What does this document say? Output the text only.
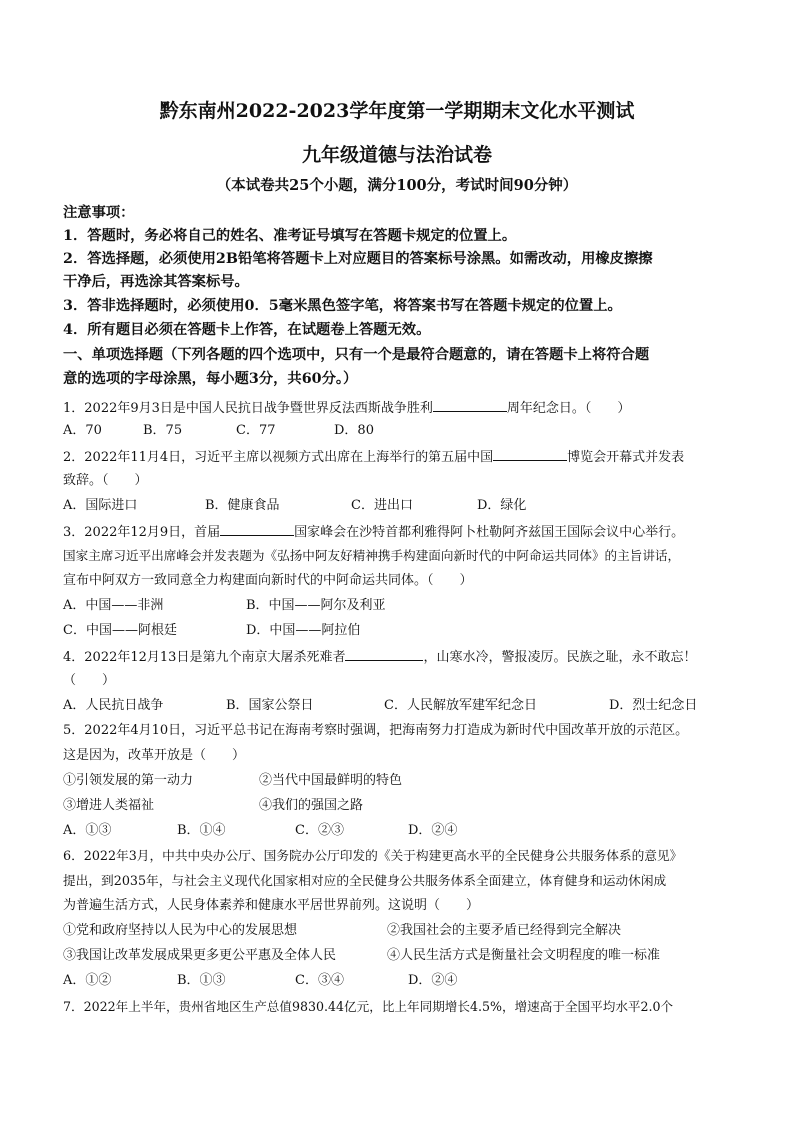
黔东南州2022-2023学年度第一学期期末文化水平测试
九年级道德与法治试卷
（本试卷共25个小题，满分100分，考试时间90分钟）
注意事项：
1．答题时，务必将自己的姓名、准考证号填写在答题卡规定的位置上。
2．答选择题，必须使用2B铅笔将答题卡上对应题目的答案标号涂黑。如需改动，用橡皮擦擦
干净后，再选涂其答案标号。
3．答非选择题时，必须使用0．5毫米黑色签字笔，将答案书写在答题卡规定的位置上。
4．所有题目必须在答题卡上作答，在试题卷上答题无效。
一、单项选择题（下列各题的四个选项中，只有一个是最符合题意的，请在答题卡上将符合题
意的选项的字母涂黑，每小题3分，共60分。）
1．2022年9月3日是中国人民抗日战争暨世界反法西斯战争胜利	周年纪念日。（　　）
A．70	B．75	C．77	D．80
2．2022年11月4日，习近平主席以视频方式出席在上海举行的第五届中国	博览会开幕式并发表
致辞。（　　）
A．国际进口	B．健康食品	C．进出口	D．绿化
3．2022年12月9日，首届	国家峰会在沙特首都利雅得阿卜杜勒阿齐兹国王国际会议中心举行。
国家主席习近平出席峰会并发表题为《弘扬中阿友好精神携手构建面向新时代的中阿命运共同体》的主旨讲话，
宣布中阿双方一致同意全力构建面向新时代的中阿命运共同体。（　　）
A．中国——非洲	B．中国——阿尔及利亚
C．中国——阿根廷	D．中国——阿拉伯
4．2022年12月13日是第九个南京大屠杀死难者	，山寒水冷，警报凌厉。民族之耻，永不敢忘！
（　　）
A．人民抗日战争	B．国家公祭日	C．人民解放军建军纪念日	D．烈士纪念日
5．2022年4月10日，习近平总书记在海南考察时强调，把海南努力打造成为新时代中国改革开放的示范区。
这是因为，改革开放是（　　）
①引领发展的第一动力	②当代中国最鲜明的特色
③增进人类福祉	④我们的强国之路
A．①③	B．①④	C．②③	D．②④
6．2022年3月，中共中央办公厅、国务院办公厅印发的《关于构建更高水平的全民健身公共服务体系的意见》
提出，到2035年，与社会主义现代化国家相对应的全民健身公共服务体系全面建立，体育健身和运动休闲成
为普遍生活方式，人民身体素养和健康水平居世界前列。这说明（　　）
①党和政府坚持以人民为中心的发展思想	②我国社会的主要矛盾已经得到完全解决
③我国让改革发展成果更多更公平惠及全体人民	④人民生活方式是衡量社会文明程度的唯一标准
A．①②	B．①③	C．③④	D．②④
7．2022年上半年，贵州省地区生产总值9830.44亿元，比上年同期增长4.5%，增速高于全国平均水平2.0个
